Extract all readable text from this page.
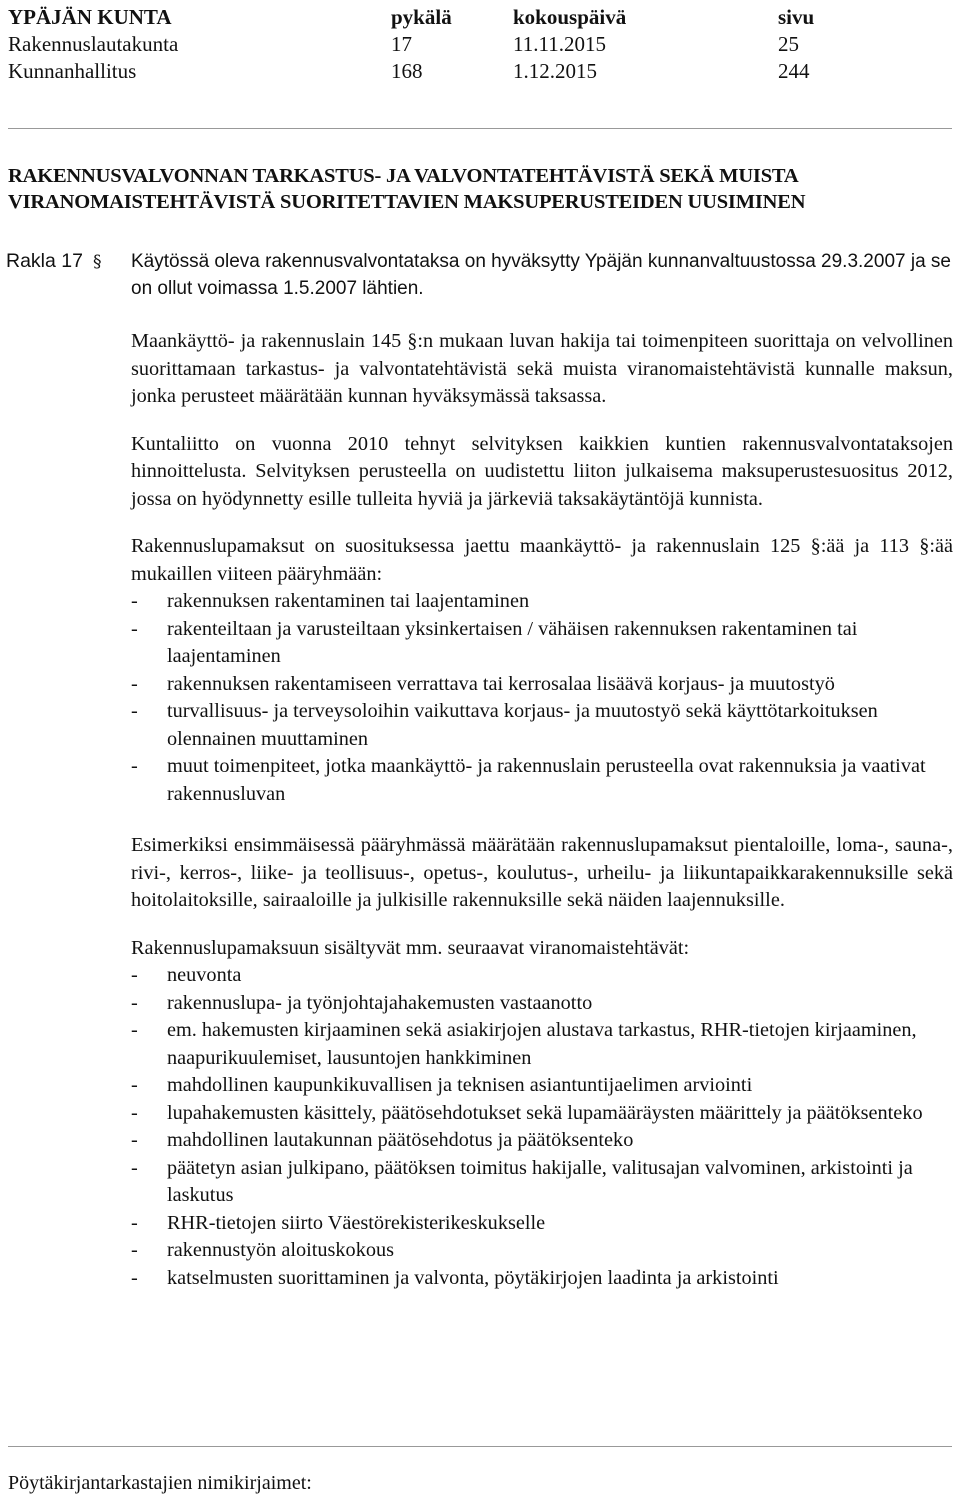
YPÄJÄN KUNTA	pykälä	kokouspäivä	sivu
Rakennuslautakunta	17	11.11.2015	25
Kunnanhallitus	168	1.12.2015	244
RAKENNUSVALVONNAN TARKASTUS- JA VALVONTATEHTÄVISTÄ SEKÄ MUISTA VIRANOMAISTEHTÄVISTÄ SUORITETTAVIEN MAKSUPERUSTEIDEN UUSIMINEN
Rakla 17 § Käytössä oleva rakennusvalvontataksa on hyväksytty Ypäjän kunnanvaltuustossa 29.3.2007 ja se on ollut voimassa 1.5.2007 lähtien.

Maankäyttö- ja rakennuslain 145 §:n mukaan luvan hakija tai toimenpiteen suorittaja on velvollinen suorittamaan tarkastus- ja valvontatehtävistä sekä muista viranomaistehtävistä kunnalle maksun, jonka perusteet määrätään kunnan hyväksymässä taksassa.

Kuntaliitto on vuonna 2010 tehnyt selvityksen kaikkien kuntien rakennusvalvontataksojen hinnoittelusta. Selvityksen perusteella on uudistettu liiton julkaisema maksuperustesuositus 2012, jossa on hyödynnetty esille tulleita hyviä ja järkeviä taksakäytäntöjä kunnista.

Rakennuslupamaksut on suosituksessa jaettu maankäyttö- ja rakennuslain 125 §:ää ja 113 §:ää mukaillen viiteen pääryhmään:

- rakennuksen rakentaminen tai laajentaminen
- rakenteiltaan ja varusteiltaan yksinkertaisen / vähäisen rakennuksen rakentaminen tai laajentaminen
- rakennuksen rakentamiseen verrattava tai kerrosalaa lisäävä korjaus- ja muutostyö
- turvallisuus- ja terveysoloihin vaikuttava korjaus- ja muutostyö sekä käyttötarkoituksen olennainen muuttaminen
- muut toimenpiteet, jotka maankäyttö- ja rakennuslain perusteella ovat rakennuksia ja vaativat rakennusluvan

Esimerkiksi ensimmäisessä pääryhmässä määrätään rakennuslupamaksut pientaloille, loma-, sauna-, rivi-, kerros-, liike- ja teollisuus-, opetus-, koulutus-, urheilu- ja liikuntapaikkarakennuksille sekä hoitolaitoksille, sairaaloille ja julkisille rakennuksille sekä näiden laajennuksille.

Rakennuslupamaksuun sisältyvät mm. seuraavat viranomaistehtävät:

- neuvonta
- rakennuslupa- ja työnjohtajahakemusten vastaanotto
- em. hakemusten kirjaaminen sekä asiakirjojen alustava tarkastus, RHR-tietojen kirjaaminen, naapurikuulemiset, lausuntojen hankkiminen
- mahdollinen kaupunkikuvallisen ja teknisen asiantuntijaelimen arviointi
- lupahakemusten käsittely, päätösehdotukset sekä lupamääräysten määrittely ja päätöksenteko
- mahdollinen lautakunnan päätösehdotus ja päätöksenteko
- päätetyn asian julkipano, päätöksen toimitus hakijalle, valitusajan valvominen, arkistointi ja laskutus
- RHR-tietojen siirto Väestörekisterikeskukselle
- rakennustyön aloituskokous
- katselmusten suorittaminen ja valvonta, pöytäkirjojen laadinta ja arkistointi
Pöytäkirjantarkastajien nimikirjaimet:
